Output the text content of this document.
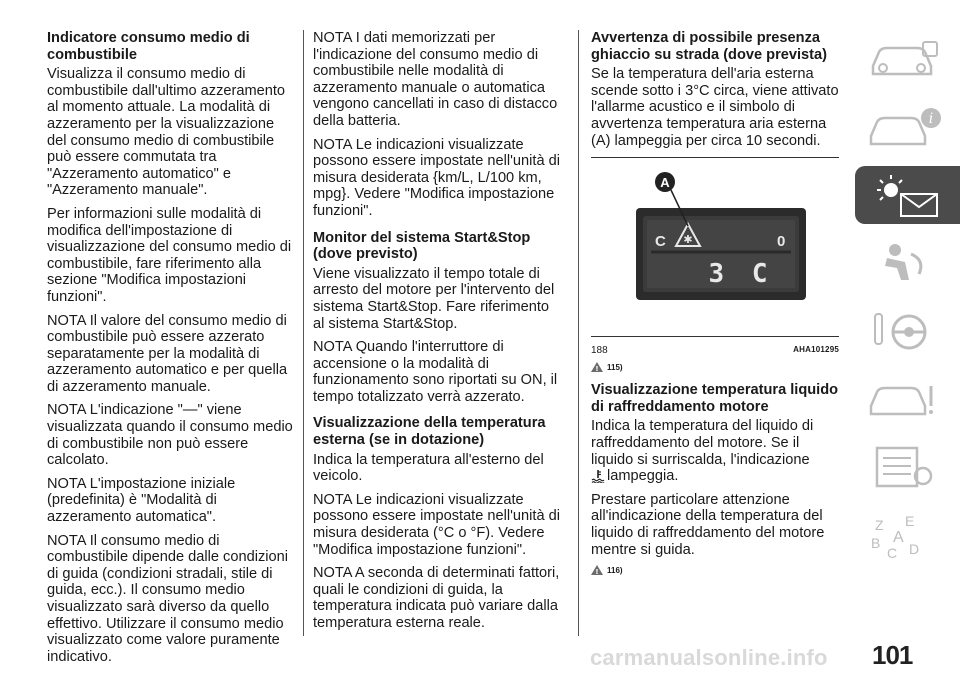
Indicatore consumo medio di combustibile

Visualizza il consumo medio di combustibile dall'ultimo azzeramento al momento attuale. La modalità di azzeramento per la visualizzazione del consumo medio di combustibile può essere commutata tra "Azzeramento automatico" e "Azzeramento manuale".

Per informazioni sulle modalità di modifica dell'impostazione di visualizzazione del consumo medio di combustibile, fare riferimento alla sezione "Modifica impostazioni funzioni".

NOTA Il valore del consumo medio di combustibile può essere azzerato separatamente per la modalità di azzeramento automatico e per quella di azzeramento manuale.

NOTA L'indicazione "—" viene visualizzata quando il consumo medio di combustibile non può essere calcolato.

NOTA L'impostazione iniziale (predefinita) è "Modalità di azzeramento automatica".

NOTA Il consumo medio di combustibile dipende dalle condizioni di guida (condizioni stradali, stile di guida, ecc.). Il consumo medio visualizzato sarà diverso da quello effettivo. Utilizzare il consumo medio visualizzato come valore puramente indicativo.

NOTA I dati memorizzati per l'indicazione del consumo medio di combustibile nelle modalità di azzeramento manuale o automatica vengono cancellati in caso di distacco della batteria.

NOTA Le indicazioni visualizzate possono essere impostate nell'unità di misura desiderata {km/L, L/100 km, mpg}. Vedere "Modifica impostazione funzioni".

Monitor del sistema Start&Stop (dove previsto)

Viene visualizzato il tempo totale di arresto del motore per l'intervento del sistema Start&Stop. Fare riferimento al sistema Start&Stop.

NOTA Quando l'interruttore di accensione o la modalità di funzionamento sono riportati su ON, il tempo totalizzato verrà azzerato.

Visualizzazione della temperatura esterna (se in dotazione)

Indica la temperatura all'esterno del veicolo.

NOTA Le indicazioni visualizzate possono essere impostate nell'unità di misura desiderata (°C o °F). Vedere "Modifica impostazione funzioni".

NOTA A seconda di determinati fattori, quali le condizioni di guida, la temperatura indicata può variare dalla temperatura esterna reale.

Avvertenza di possibile presenza ghiaccio su strada (dove prevista)

Se la temperatura dell'aria esterna scende sotto i 3°C circa, viene attivato l'allarme acustico e il simbolo di avvertenza temperatura aria esterna (A) lampeggia per circa 10 secondi.

✱
A
C	0
3 C
188	AHA101295
! 115)
Visualizzazione temperatura liquido di raffreddamento motore

Indica la temperatura del liquido di raffreddamento del motore. Se il liquido si surriscalda, l'indicazione
lampeggia.

Prestare particolare attenzione all'indicazione della temperatura del liquido di raffreddamento del motore mentre si guida.

! 116)
i
Z E
A
B
C D
carmanualsonline.info 101
